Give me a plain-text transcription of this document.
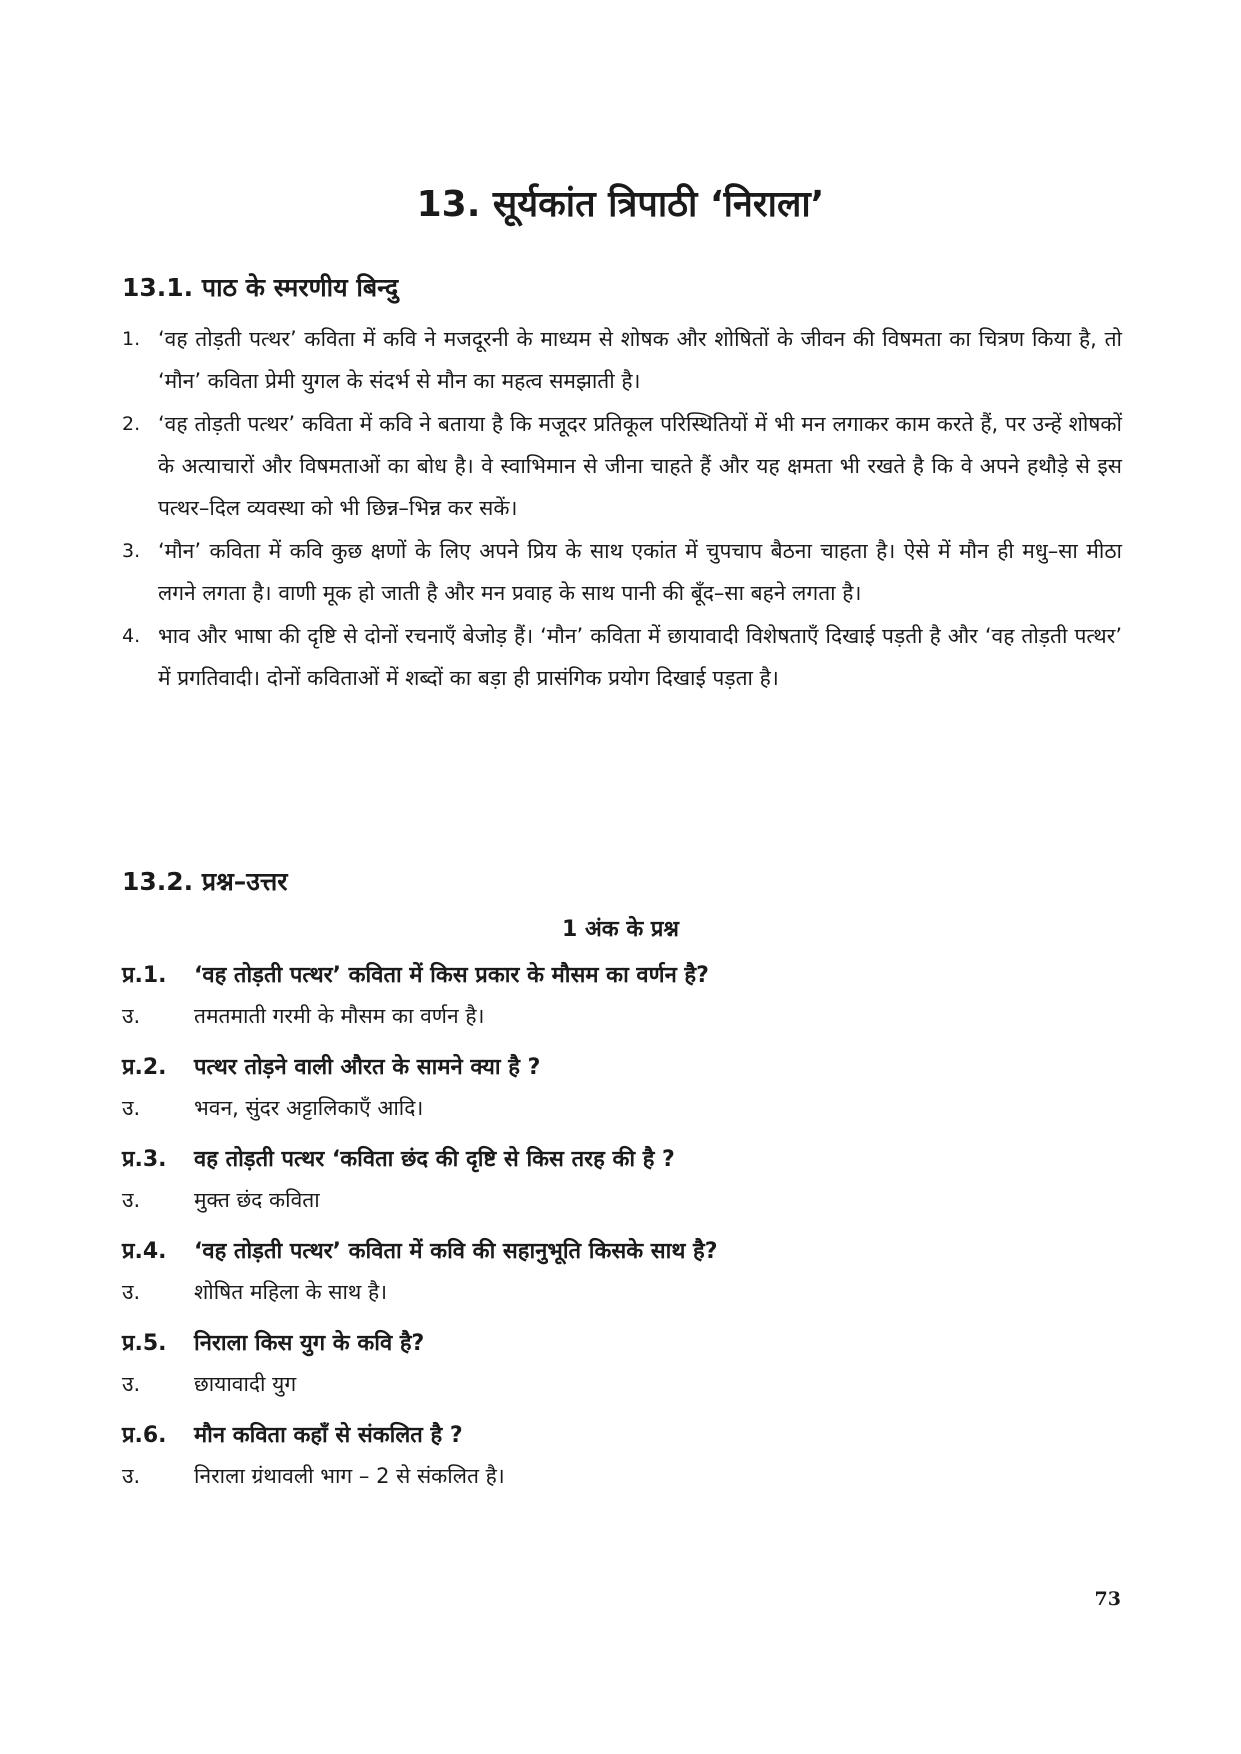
13. सूर्यकांत त्रिपाठी ‘निराला’
13.1. पाठ के स्मरणीय बिन्दु
1. ‘वह तोड़ती पत्थर’ कविता में कवि ने मजदूरनी के माध्यम से शोषक और शोषितों के जीवन की विषमता का चित्रण किया है, तो ‘मौन’ कविता प्रेमी युगल के संदर्भ से मौन का महत्व समझाती है।
2. ‘वह तोड़ती पत्थर’ कविता में कवि ने बताया है कि मजूदर प्रतिकूल परिस्थितियों में भी मन लगाकर काम करते हैं, पर उन्हें शोषकों के अत्याचारों और विषमताओं का बोध है। वे स्वाभिमान से जीना चाहते हैं और यह क्षमता भी रखते है कि वे अपने हथौड़े से इस पत्थर–दिल व्यवस्था को भी छिन्न–भिन्न कर सकें।
3. ‘मौन’ कविता में कवि कुछ क्षणों के लिए अपने प्रिय के साथ एकांत में चुपचाप बैठना चाहता है। ऐसे में मौन ही मधु–सा मीठा लगने लगता है। वाणी मूक हो जाती है और मन प्रवाह के साथ पानी की बूँद–सा बहने लगता है।
4. भाव और भाषा की दृष्टि से दोनों रचनाएँ बेजोड़ हैं। ‘मौन’ कविता में छायावादी विशेषताएँ दिखाई पड़ती है और ‘वह तोड़ती पत्थर’ में प्रगतिवादी। दोनों कविताओं में शब्दों का बड़ा ही प्रासंगिक प्रयोग दिखाई पड़ता है।
13.2. प्रश्न–उत्तर
1 अंक के प्रश्न
प्र.1. ‘वह तोड़ती पत्थर’ कविता में किस प्रकार के मौसम का वर्णन है?
उ.	तमतमाती गरमी के मौसम का वर्णन है।
प्र.2. पत्थर तोड़ने वाली औरत के सामने क्या है ?
उ.	भवन, सुंदर अट्टालिकाएँ आदि।
प्र.3. वह तोड़ती पत्थर ‘कविता छंद की दृष्टि से किस तरह की है ?
उ.	मुक्त छंद कविता
प्र.4. ‘वह तोड़ती पत्थर’ कविता में कवि की सहानुभूति किसके साथ है?
उ.	शोषित महिला के साथ है।
प्र.5. निराला किस युग के कवि है?
उ.	छायावादी युग
प्र.6. मौन कविता कहाँ से संकलित है ?
उ.	निराला ग्रंथावली भाग – 2 से संकलित है।
73
